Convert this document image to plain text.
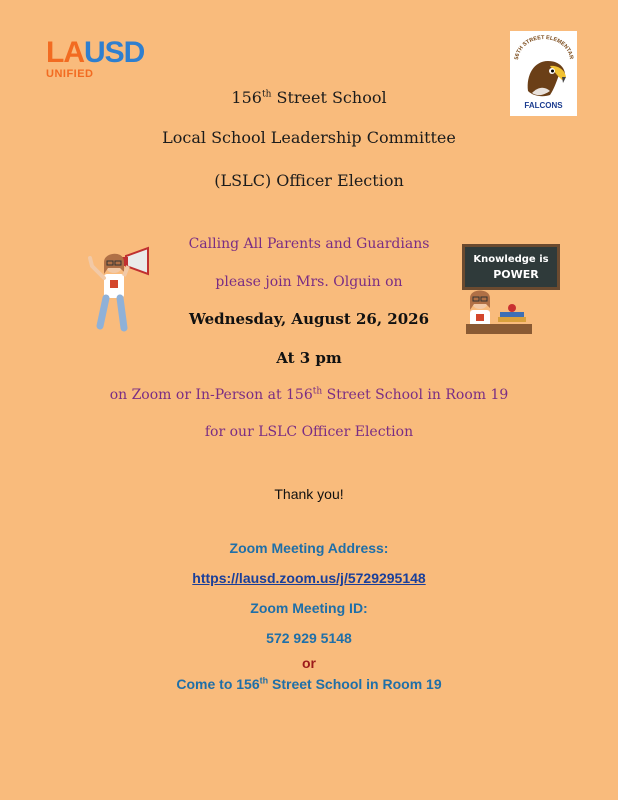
LAUSD
UNIFIED
56TH STREET ELEMENTAR
FALCONS
156th Street School
Local School Leadership Committee
(LSLC) Officer Election
Knowledge is
POWER
Calling All Parents and Guardians
please join Mrs. Olguin on
Wednesday, August 26, 2026
At 3 pm
on Zoom or In-Person at 156th Street School in Room 19
for our LSLC Officer Election
Thank you!
Zoom Meeting Address:
https://lausd.zoom.us/j/5729295148
Zoom Meeting ID:
572 929 5148
or
Come to 156th Street School in Room 19
